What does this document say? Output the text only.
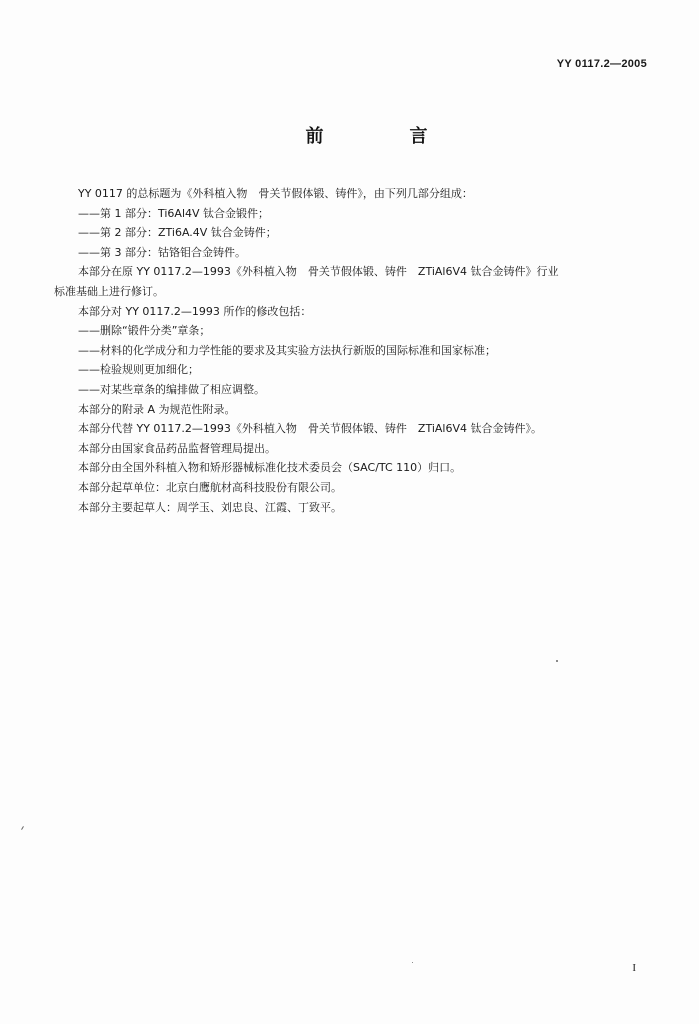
YY 0117.2—2005
前　言

YY 0117 的总标题为《外科植入物　骨关节假体锻、铸件》，由下列几部分组成：

——第 1 部分：Ti6Al4V 钛合金锻件；

——第 2 部分：ZTi6A.4V 钛合金铸件；

——第 3 部分：钴铬钼合金铸件。

本部分在原 YY 0117.2—1993《外科植入物　骨关节假体锻、铸件　ZTiAl6V4 钛合金铸件》行业

标准基础上进行修订。

本部分对 YY 0117.2—1993 所作的修改包括：

——删除“锻件分类”章条；

——材料的化学成分和力学性能的要求及其实验方法执行新版的国际标准和国家标准；

——检验规则更加细化；

——对某些章条的编排做了相应调整。

本部分的附录 A 为规范性附录。

本部分代替 YY 0117.2—1993《外科植入物　骨关节假体锻、铸件　ZTiAl6V4 钛合金铸件》。

本部分由国家食品药品监督管理局提出。

本部分由全国外科植入物和矫形器械标准化技术委员会（SAC/TC 110）归口。

本部分起草单位：北京白鹰航材高科技股份有限公司。

本部分主要起草人：周学玉、刘忠良、江霞、丁致平。

I
